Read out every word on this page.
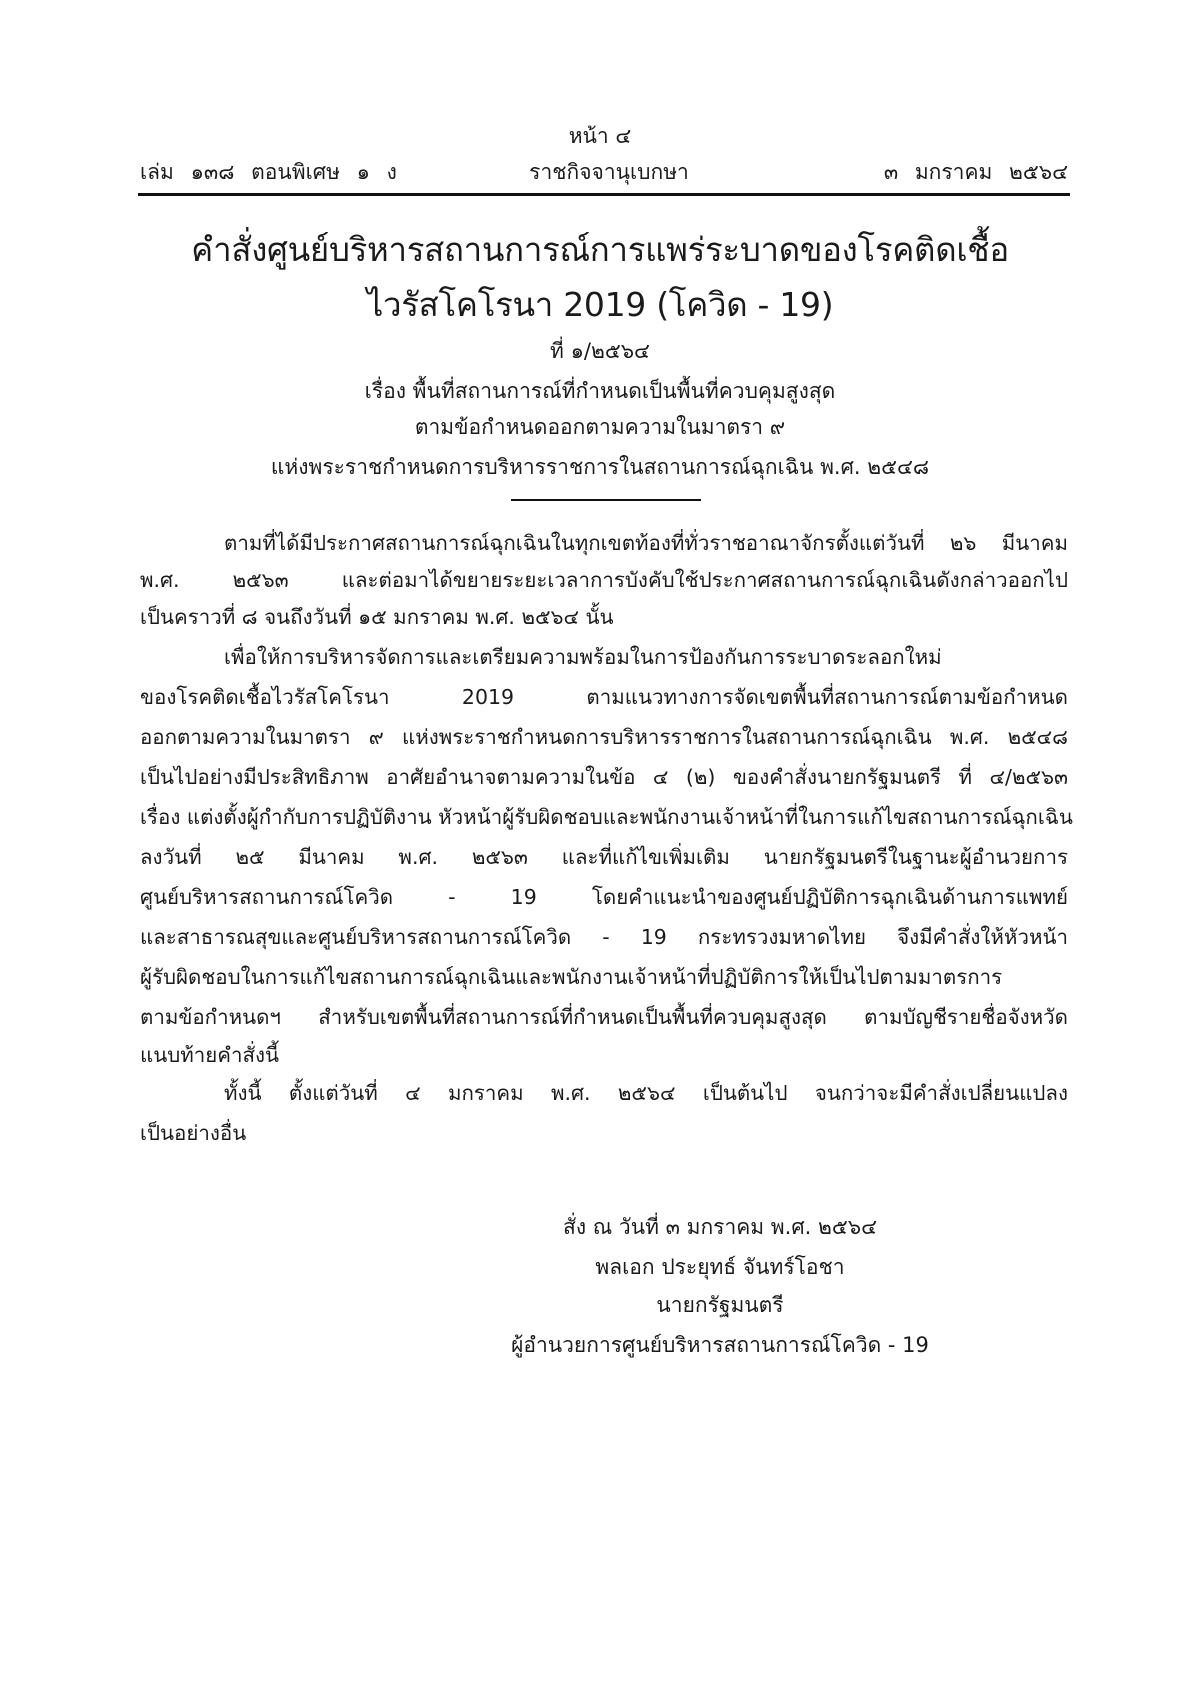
หน้า ๔
เล่ม ๑๓๘ ตอนพิเศษ ๑ ง	ราชกิจจานุเบกษา	๓ มกราคม ๒๕๖๔
คำสั่งศูนย์บริหารสถานการณ์การแพร่ระบาดของโรคติดเชื้อ
ไวรัสโคโรนา 2019 (โควิด - 19)
ที่ ๑/๒๕๖๔
เรื่อง พื้นที่สถานการณ์ที่กำหนดเป็นพื้นที่ควบคุมสูงสุด
ตามข้อกำหนดออกตามความในมาตรา ๙
แห่งพระราชกำหนดการบริหารราชการในสถานการณ์ฉุกเฉิน พ.ศ. ๒๕๔๘
ตามที่ได้มีประกาศสถานการณ์ฉุกเฉินในทุกเขตท้องที่ทั่วราชอาณาจักรตั้งแต่วันที่ ๒๖ มีนาคม
พ.ศ. ๒๕๖๓ และต่อมาได้ขยายระยะเวลาการบังคับใช้ประกาศสถานการณ์ฉุกเฉินดังกล่าวออกไป
เป็นคราวที่ ๘ จนถึงวันที่ ๑๕ มกราคม พ.ศ. ๒๕๖๔ นั้น
เพื่อให้การบริหารจัดการและเตรียมความพร้อมในการป้องกันการระบาดระลอกใหม่
ของโรคติดเชื้อไวรัสโคโรนา 2019 ตามแนวทางการจัดเขตพื้นที่สถานการณ์ตามข้อกำหนด
ออกตามความในมาตรา ๙ แห่งพระราชกำหนดการบริหารราชการในสถานการณ์ฉุกเฉิน พ.ศ. ๒๕๔๘
เป็นไปอย่างมีประสิทธิภาพ อาศัยอำนาจตามความในข้อ ๔ (๒) ของคำสั่งนายกรัฐมนตรี ที่ ๔/๒๕๖๓
เรื่อง แต่งตั้งผู้กำกับการปฏิบัติงาน หัวหน้าผู้รับผิดชอบและพนักงานเจ้าหน้าที่ในการแก้ไขสถานการณ์ฉุกเฉิน
ลงวันที่ ๒๕ มีนาคม พ.ศ. ๒๕๖๓ และที่แก้ไขเพิ่มเติม นายกรัฐมนตรีในฐานะผู้อำนวยการ
ศูนย์บริหารสถานการณ์โควิด - 19 โดยคำแนะนำของศูนย์ปฏิบัติการฉุกเฉินด้านการแพทย์
และสาธารณสุขและศูนย์บริหารสถานการณ์โควิด - 19 กระทรวงมหาดไทย จึงมีคำสั่งให้หัวหน้า
ผู้รับผิดชอบในการแก้ไขสถานการณ์ฉุกเฉินและพนักงานเจ้าหน้าที่ปฏิบัติการให้เป็นไปตามมาตรการ
ตามข้อกำหนดฯ สำหรับเขตพื้นที่สถานการณ์ที่กำหนดเป็นพื้นที่ควบคุมสูงสุด ตามบัญชีรายชื่อจังหวัด
แนบท้ายคำสั่งนี้
ทั้งนี้ ตั้งแต่วันที่ ๔ มกราคม พ.ศ. ๒๕๖๔ เป็นต้นไป จนกว่าจะมีคำสั่งเปลี่ยนแปลง
เป็นอย่างอื่น
สั่ง ณ วันที่ ๓ มกราคม พ.ศ. ๒๕๖๔
พลเอก ประยุทธ์ จันทร์โอชา
นายกรัฐมนตรี
ผู้อำนวยการศูนย์บริหารสถานการณ์โควิด - 19
